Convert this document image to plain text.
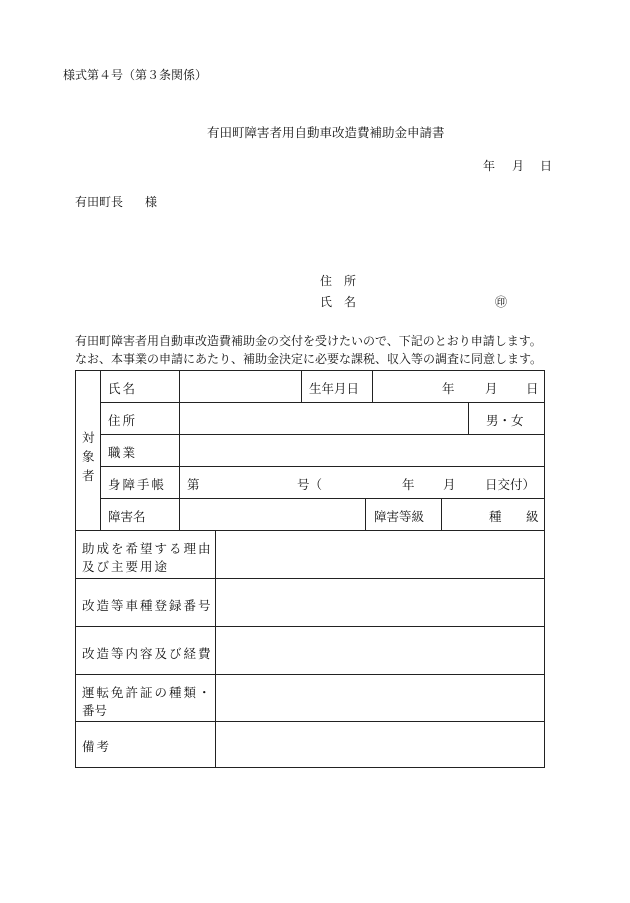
様式第４号（第３条関係）
有田町障害者用自動車改造費補助金申請書
年 月 日
有田町長 様
住　所
氏　名	㊞
有田町障害者用自動車改造費補助金の交付を受けたいので、下記のとおり申請します。
なお、本事業の申請にあたり、補助金決定に必要な課税、収入等の調査に同意します。
対
象
者
氏名	生年月日	年 月 日
住所	男・女
職業
身障手帳 第	号（	年 月 日交付）
障害名	障害等級	種 級
助成を希望する理由
及び主要用途
改造等車種登録番号
改造等内容及び経費
運転免許証の種類・
番号
備考
